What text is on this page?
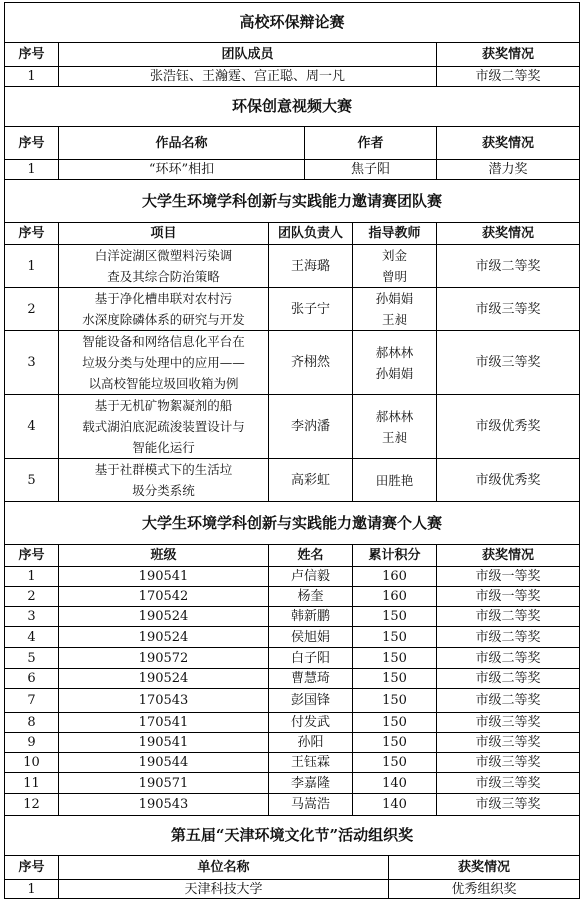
高校环保辩论赛						
序号	团队成员					获奖情况
1	张浩钰、王瀚霆、宫正聪、周一凡					市级二等奖
环保创意视频大赛						
序号	作品名称		作者			获奖情况
1	“环环”相扣		焦子阳			潜力奖
大学生环境学科创新与实践能力邀请赛团队赛						
序号	项目	团队负责人		指导教师		获奖情况
1	白洋淀湖区微塑料污染调
查及其综合防治策略	王海璐		刘金
曾明		市级二等奖
2	基于净化槽串联对农村污
水深度除磷体系的研究与开发	张子宁		孙娟娟
王昶		市级三等奖
3	智能设备和网络信息化平台在
垃圾分类与处理中的应用——
以高校智能垃圾回收箱为例	齐栩然		郝林林
孙娟娟		市级三等奖
4	基于无机矿物絮凝剂的船
载式湖泊底泥疏浚装置设计与
智能化运行	李汭潘		郝林林
王昶		市级优秀奖
5	基于社群模式下的生活垃
圾分类系统	高彩虹		田胜艳		市级优秀奖
大学生环境学科创新与实践能力邀请赛个人赛						
序号	班级	姓名		累计积分		获奖情况
1	190541	卢信毅		160		市级一等奖
2	170542	杨奎		160		市级一等奖
3	190524	韩新鹏		150		市级二等奖
4	190524	侯旭娟		150		市级二等奖
5	190572	白子阳		150		市级二等奖
6	190524	曹慧琦		150		市级二等奖
7	170543	彭国锋		150		市级二等奖
8	170541	付发武		150		市级三等奖
9	190541	孙阳		150		市级三等奖
10	190544	王钰霖		150		市级三等奖
11	190571	李嘉隆		140		市级三等奖
12	190543	马嵩浩		140		市级三等奖
第五届“天津环境文化节”活动组织奖						
序号	单位名称				获奖情况	
1	天津科技大学				优秀组织奖	
